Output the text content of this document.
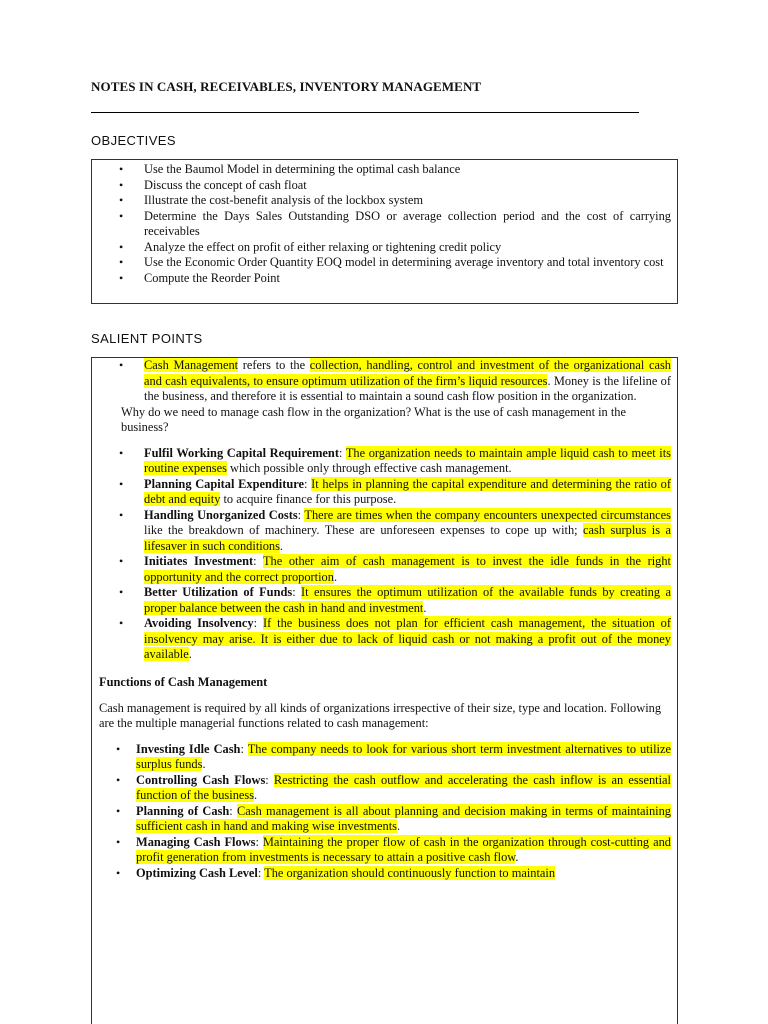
NOTES IN CASH, RECEIVABLES, INVENTORY MANAGEMENT
OBJECTIVES
• Use the Baumol Model in determining the optimal cash balance
• Discuss the concept of cash float
• Illustrate the cost-benefit analysis of the lockbox system
• Determine the Days Sales Outstanding DSO or average collection period and the cost of carrying receivables
• Analyze the effect on profit of either relaxing or tightening credit policy
• Use the Economic Order Quantity EOQ model in determining average inventory and total inventory cost
• Compute the Reorder Point
SALIENT POINTS
• Cash Management refers to the collection, handling, control and investment of the organizational cash and cash equivalents, to ensure optimum utilization of the firm’s liquid resources. Money is the lifeline of the business, and therefore it is essential to maintain a sound cash flow position in the organization.
Why do we need to manage cash flow in the organization? What is the use of cash management in the business?
• Fulfil Working Capital Requirement: The organization needs to maintain ample liquid cash to meet its routine expenses which possible only through effective cash management.
• Planning Capital Expenditure: It helps in planning the capital expenditure and determining the ratio of debt and equity to acquire finance for this purpose.
• Handling Unorganized Costs: There are times when the company encounters unexpected circumstances like the breakdown of machinery. These are unforeseen expenses to cope up with; cash surplus is a lifesaver in such conditions.
• Initiates Investment: The other aim of cash management is to invest the idle funds in the right opportunity and the correct proportion.
• Better Utilization of Funds: It ensures the optimum utilization of the available funds by creating a proper balance between the cash in hand and investment.
• Avoiding Insolvency: If the business does not plan for efficient cash management, the situation of insolvency may arise. It is either due to lack of liquid cash or not making a profit out of the money available.
Functions of Cash Management
Cash management is required by all kinds of organizations irrespective of their size, type and location. Following are the multiple managerial functions related to cash management:
• Investing Idle Cash: The company needs to look for various short term investment alternatives to utilize surplus funds.
• Controlling Cash Flows: Restricting the cash outflow and accelerating the cash inflow is an essential function of the business.
• Planning of Cash: Cash management is all about planning and decision making in terms of maintaining sufficient cash in hand and making wise investments.
• Managing Cash Flows: Maintaining the proper flow of cash in the organization through cost-cutting and profit generation from investments is necessary to attain a positive cash flow.
• Optimizing Cash Level: The organization should continuously function to maintain
